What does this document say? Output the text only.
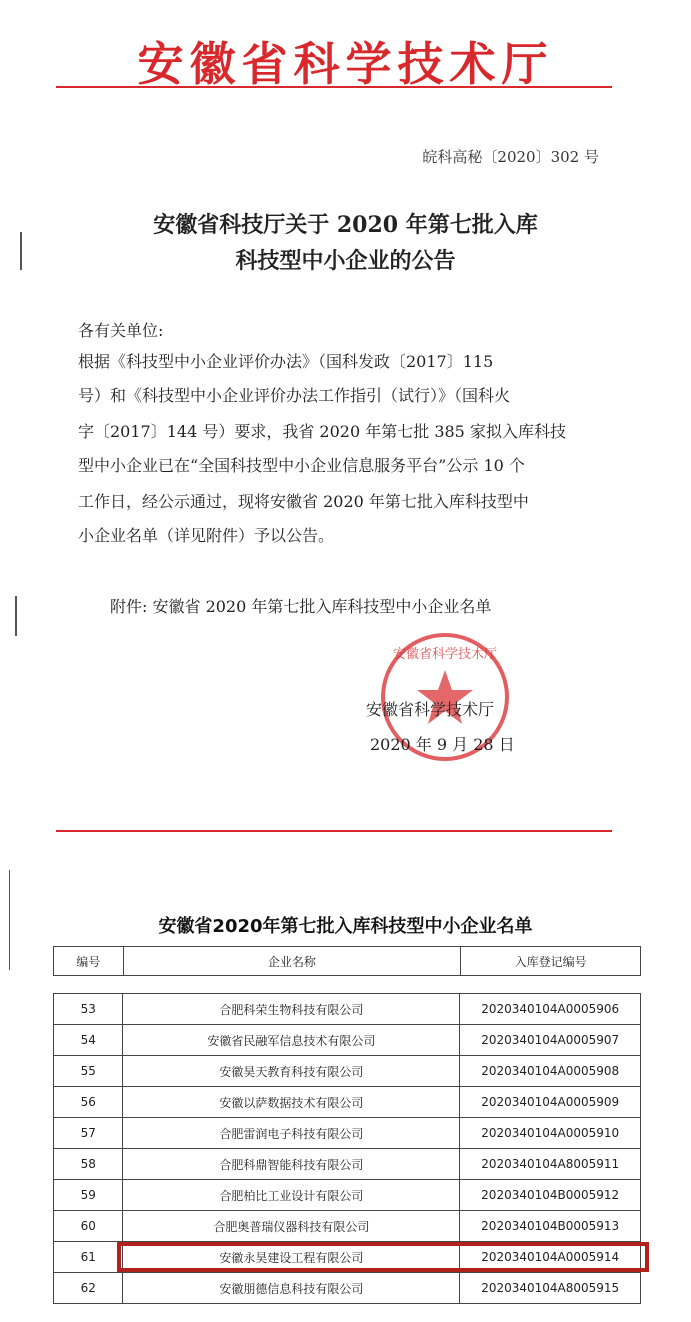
安徽省科学技术厅
皖科高秘〔2020〕302 号
安徽省科技厅关于 2020 年第七批入库
科技型中小企业的公告
各有关单位:
根据《科技型中小企业评价办法》（国科发政〔2017〕115
号）和《科技型中小企业评价办法工作指引（试行）》（国科火
字〔2017〕144 号）要求，我省 2020 年第七批 385 家拟入库科技
型中小企业已在“全国科技型中小企业信息服务平台”公示 10 个
工作日，经公示通过，现将安徽省 2020 年第七批入库科技型中
小企业名单（详见附件）予以公告。
附件: 安徽省 2020 年第七批入库科技型中小企业名单
安徽省科学技术厅
安徽省科学技术厅
2020 年 9 月 28 日
安徽省2020年第七批入库科技型中小企业名单
编号	企业名称	入库登记编号
53	合肥科荣生物科技有限公司	2020340104A0005906
54	安徽省民融军信息技术有限公司	2020340104A0005907
55	安徽昊天教育科技有限公司	2020340104A0005908
56	安徽以萨数据技术有限公司	2020340104A0005909
57	合肥雷润电子科技有限公司	2020340104A0005910
58	合肥科鼎智能科技有限公司	2020340104A8005911
59	合肥柏比工业设计有限公司	2020340104B0005912
60	合肥奥普瑞仪器科技有限公司	2020340104B0005913
61	安徽永昊建设工程有限公司	2020340104A0005914
62	安徽朋德信息科技有限公司	2020340104A8005915
